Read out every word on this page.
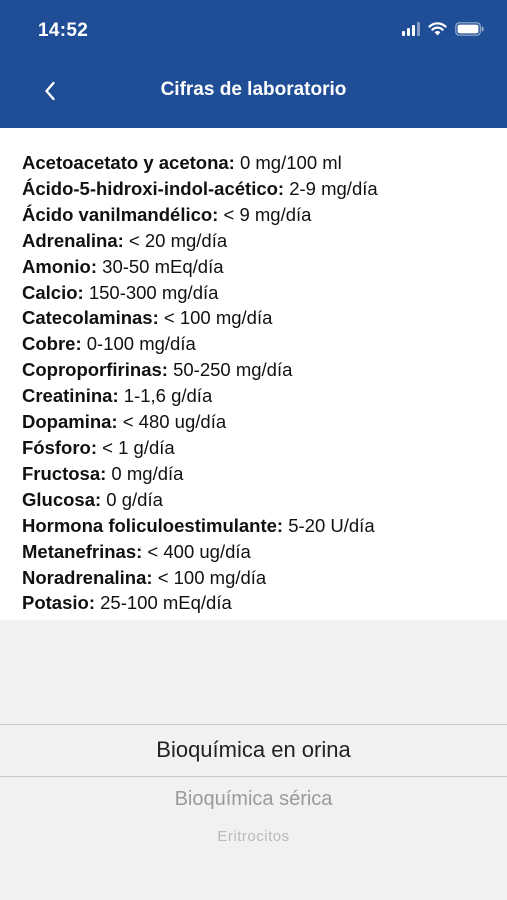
14:52
Cifras de laboratorio
Acetoacetato y acetona: 0 mg/100 ml
Ácido-5-hidroxi-indol-acético: 2-9 mg/día
Ácido vanilmandélico: < 9 mg/día
Adrenalina: < 20 mg/día
Amonio: 30-50 mEq/día
Calcio: 150-300 mg/día
Catecolaminas: < 100 mg/día
Cobre: 0-100 mg/día
Coproporfirinas: 50-250 mg/día
Creatinina: 1-1,6 g/día
Dopamina: < 480 ug/día
Fósforo: < 1 g/día
Fructosa: 0 mg/día
Glucosa: 0 g/día
Hormona foliculoestimulante: 5-20 U/día
Metanefrinas: < 400 ug/día
Noradrenalina: < 100 mg/día
Potasio: 25-100 mEq/día
Bioquímica en orina
Bioquímica sérica
Eritrocitos
